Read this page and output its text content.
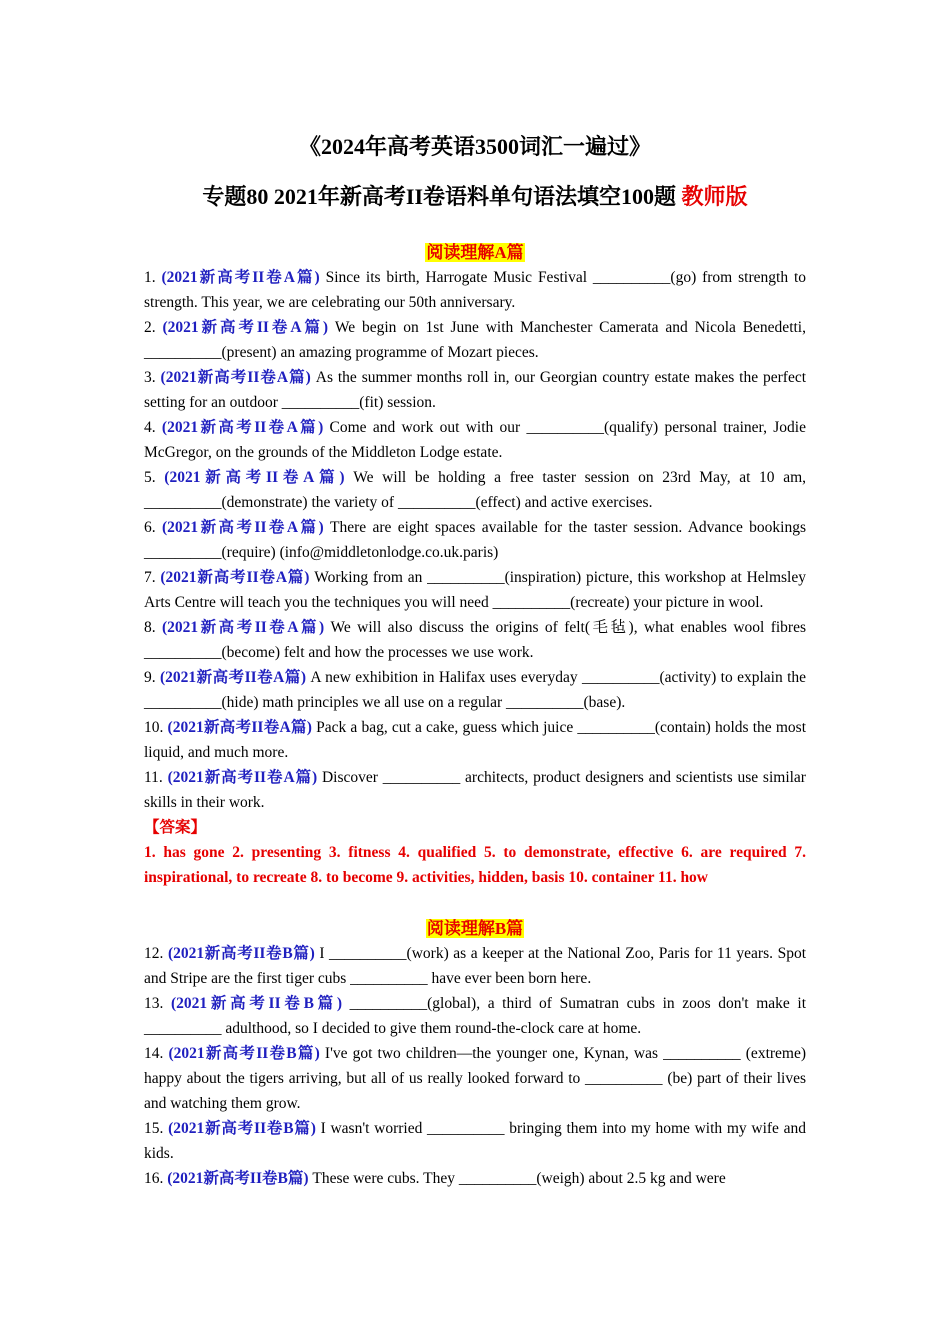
《2024年高考英语3500词汇一遍过》

专题80 2021年新高考II卷语料单句语法填空100题 教师版

阅读理解A篇

1. (2021新高考II卷A篇) Since its birth, Harrogate Music Festival __________(go) from strength to strength. This year, we are celebrating our 50th anniversary.

2. (2021新高考II卷A篇) We begin on 1st June with Manchester Camerata and Nicola Benedetti, __________(present) an amazing programme of Mozart pieces.

3. (2021新高考II卷A篇) As the summer months roll in, our Georgian country estate makes the perfect setting for an outdoor __________(fit) session.

4. (2021新高考II卷A篇) Come and work out with our __________(qualify) personal trainer, Jodie McGregor, on the grounds of the Middleton Lodge estate.

5. (2021新高考II卷A篇) We will be holding a free taster session on 23rd May, at 10 am, __________(demonstrate) the variety of __________(effect) and active exercises.

6. (2021新高考II卷A篇) There are eight spaces available for the taster session. Advance bookings __________(require) (info@middletonlodge.co.uk.paris)

7. (2021新高考II卷A篇) Working from an __________(inspiration) picture, this workshop at Helmsley Arts Centre will teach you the techniques you will need __________(recreate) your picture in wool.

8. (2021新高考II卷A篇) We will also discuss the origins of felt(毛毡), what enables wool fibres __________(become) felt and how the processes we use work.

9. (2021新高考II卷A篇) A new exhibition in Halifax uses everyday __________(activity) to explain the __________(hide) math principles we all use on a regular __________(base).

10. (2021新高考II卷A篇) Pack a bag, cut a cake, guess which juice __________(contain) holds the most liquid, and much more.

11. (2021新高考II卷A篇) Discover __________ architects, product designers and scientists use similar skills in their work.

【答案】

1. has gone 2. presenting 3. fitness 4. qualified 5. to demonstrate, effective 6. are required 7. inspirational, to recreate 8. to become 9. activities, hidden, basis 10. container 11. how

阅读理解B篇

12. (2021新高考II卷B篇) I __________(work) as a keeper at the National Zoo, Paris for 11 years. Spot and Stripe are the first tiger cubs __________ have ever been born here.

13. (2021新高考II卷B篇) __________(global), a third of Sumatran cubs in zoos don't make it __________ adulthood, so I decided to give them round-the-clock care at home.

14. (2021新高考II卷B篇) I've got two children—the younger one, Kynan, was __________ (extreme) happy about the tigers arriving, but all of us really looked forward to __________ (be) part of their lives and watching them grow.

15. (2021新高考II卷B篇) I wasn't worried __________ bringing them into my home with my wife and kids.

16. (2021新高考II卷B篇) These were cubs. They __________(weigh) about 2.5 kg and were
